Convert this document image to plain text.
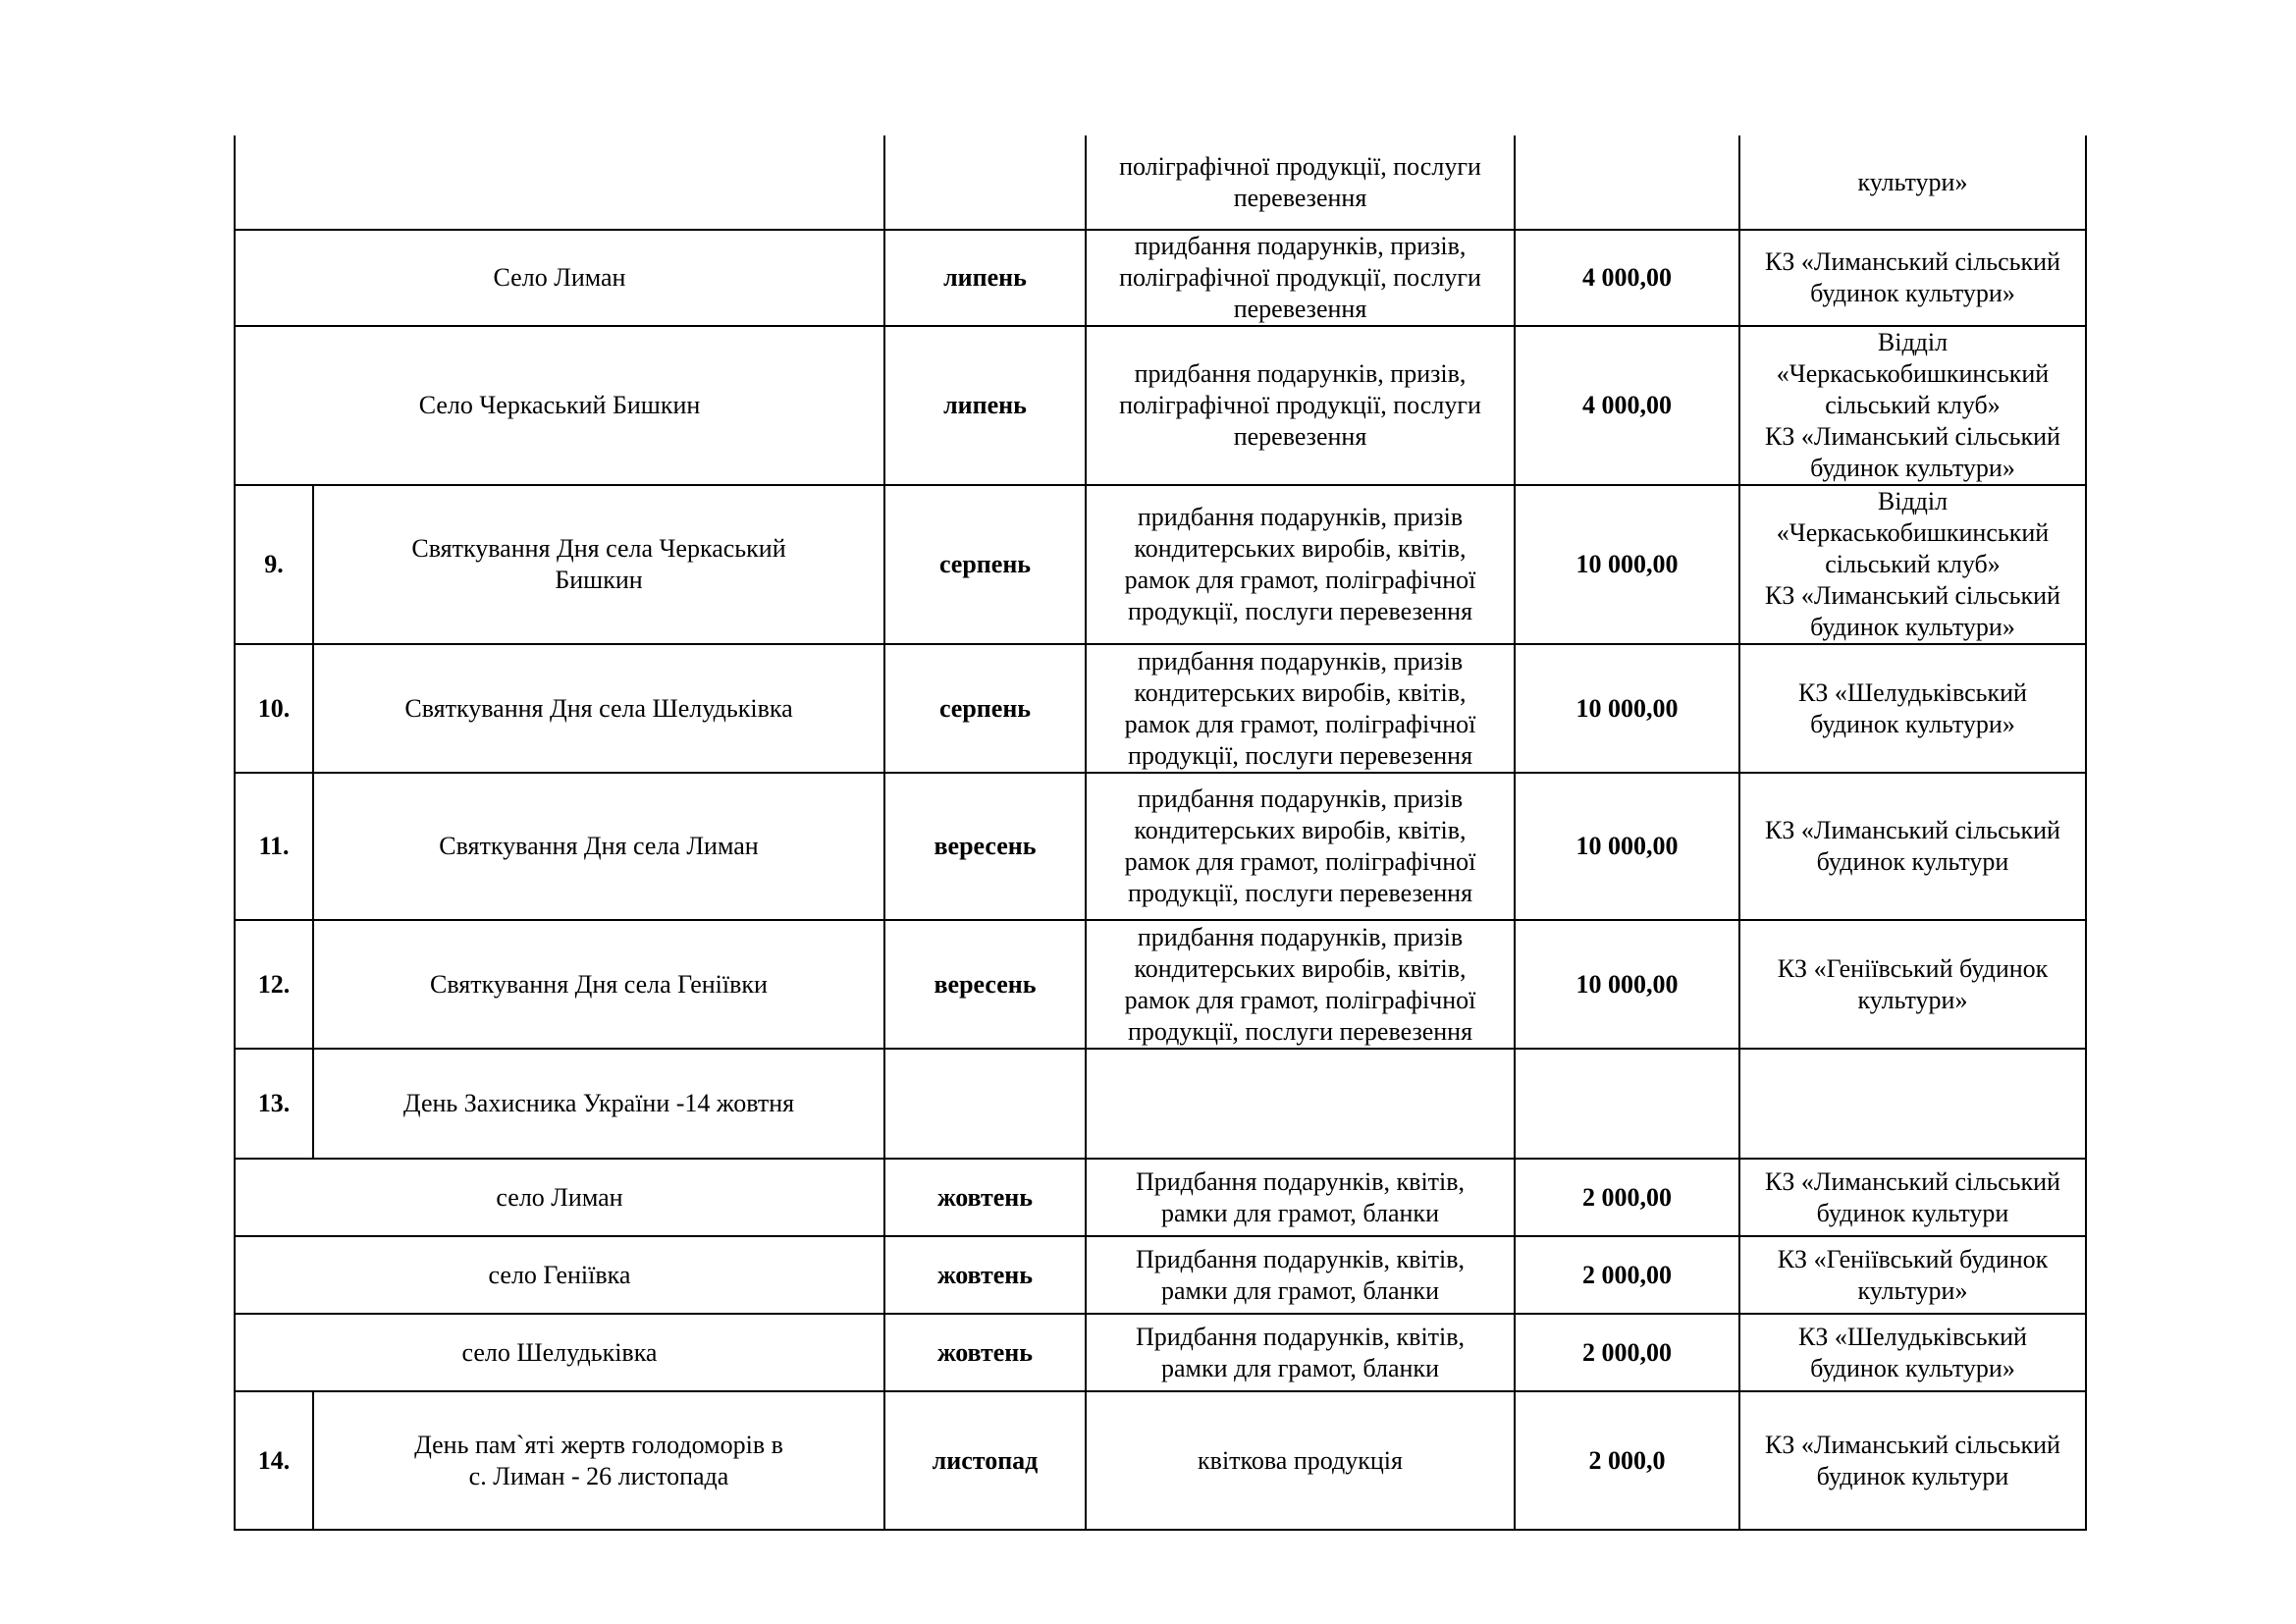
			поліграфічної продукції, послуги
перевезення		культури»

Село Лиман		липень	придбання подарунків, призів,
поліграфічної продукції, послуги
перевезення	4 000,00	КЗ «Лиманський сільський
будинок культури»

Село Черкаський Бишкин		липень	придбання подарунків, призів,
поліграфічної продукції, послуги
перевезення	4 000,00	Відділ
«Черкаськобишкинський
сільський клуб»
КЗ «Лиманський сільський
будинок культури»

9.	Святкування Дня села Черкаський
Бишкин	серпень	придбання подарунків, призів
кондитерських виробів, квітів,
рамок для грамот, поліграфічної
продукції, послуги перевезення	10 000,00	Відділ
«Черкаськобишкинський
сільський клуб»
КЗ «Лиманський сільський
будинок культури»

10.	Святкування Дня села Шелудьківка	серпень	придбання подарунків, призів
кондитерських виробів, квітів,
рамок для грамот, поліграфічної
продукції, послуги перевезення	10 000,00	КЗ «Шелудьківський
будинок культури»

11.	Святкування Дня села Лиман	вересень	придбання подарунків, призів
кондитерських виробів, квітів,
рамок для грамот, поліграфічної
продукції, послуги перевезення	10 000,00	КЗ «Лиманський сільський
будинок культури

12.	Святкування Дня села Геніївки	вересень	придбання подарунків, призів
кондитерських виробів, квітів,
рамок для грамот, поліграфічної
продукції, послуги перевезення	10 000,00	КЗ «Геніївський будинок
культури»

13.	День Захисника України -14 жовтня				

село Лиман		жовтень	Придбання подарунків, квітів,
рамки для грамот, бланки	2 000,00	КЗ «Лиманський сільський
будинок культури

село Геніївка		жовтень	Придбання подарунків, квітів,
рамки для грамот, бланки	2 000,00	КЗ «Геніївський будинок
культури»

село Шелудьківка		жовтень	Придбання подарунків, квітів,
рамки для грамот, бланки	2 000,00	КЗ «Шелудьківський
будинок культури»

14.	День пам`яті жертв голодоморів в
с. Лиман - 26 листопада	листопад	квіткова продукція	2 000,0	КЗ «Лиманський сільський
будинок культури
